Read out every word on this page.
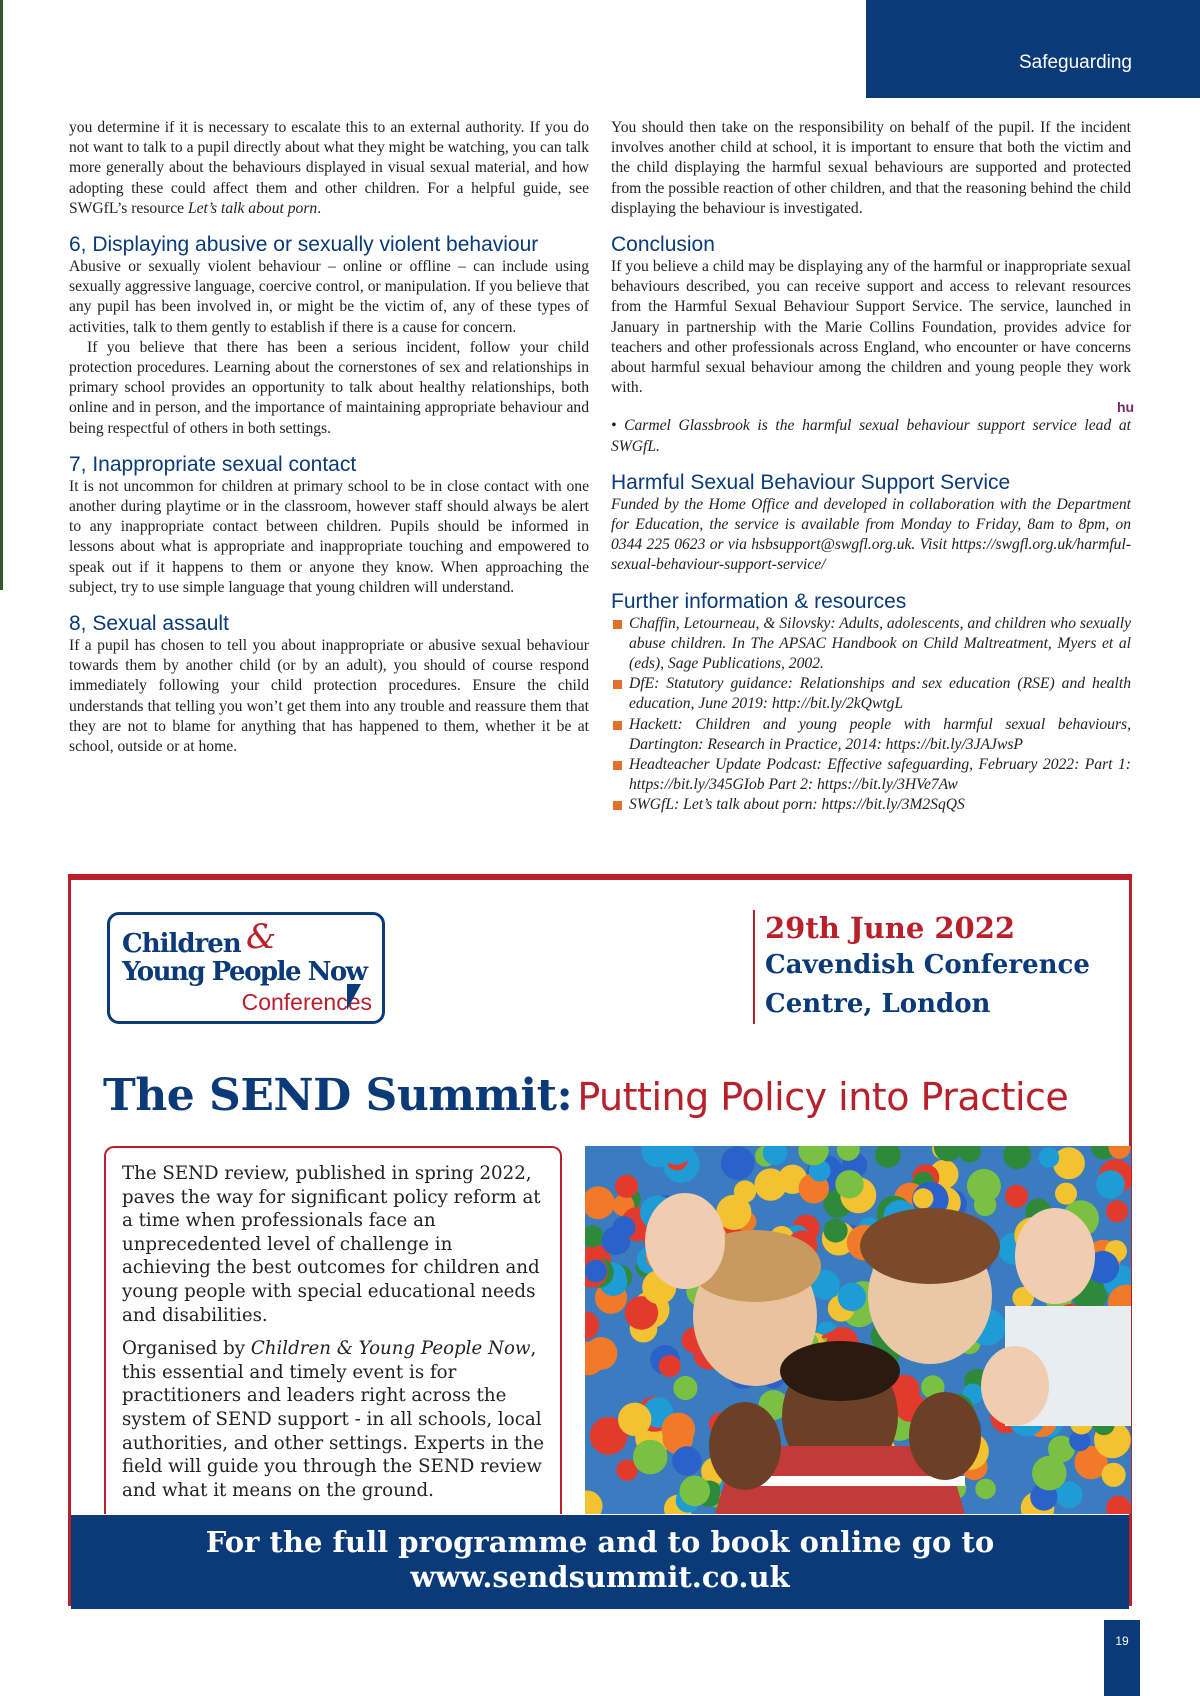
Safeguarding

you determine if it is necessary to escalate this to an external authority. If you do not want to talk to a pupil directly about what they might be watching, you can talk more generally about the behaviours displayed in visual sexual material, and how adopting these could affect them and other children. For a helpful guide, see SWGfL’s resource Let’s talk about porn.

6, Displaying abusive or sexually violent behaviour

Abusive or sexually violent behaviour – online or offline – can include using sexually aggressive language, coercive control, or manipulation. If you believe that any pupil has been involved in, or might be the victim of, any of these types of activities, talk to them gently to establish if there is a cause for concern.

If you believe that there has been a serious incident, follow your child protection procedures. Learning about the cornerstones of sex and relationships in primary school provides an opportunity to talk about healthy relationships, both online and in person, and the importance of maintaining appropriate behaviour and being respectful of others in both settings.

7, Inappropriate sexual contact

It is not uncommon for children at primary school to be in close contact with one another during playtime or in the classroom, however staff should always be alert to any inappropriate contact between children. Pupils should be informed in lessons about what is appropriate and inappropriate touching and empowered to speak out if it happens to them or anyone they know. When approaching the subject, try to use simple language that young children will understand.

8, Sexual assault

If a pupil has chosen to tell you about inappropriate or abusive sexual behaviour towards them by another child (or by an adult), you should of course respond immediately following your child protection procedures. Ensure the child understands that telling you won’t get them into any trouble and reassure them that they are not to blame for anything that has happened to them, whether it be at school, outside or at home.

You should then take on the responsibility on behalf of the pupil. If the incident involves another child at school, it is important to ensure that both the victim and the child displaying the harmful sexual behaviours are supported and protected from the possible reaction of other children, and that the reasoning behind the child displaying the behaviour is investigated.

Conclusion

If you believe a child may be displaying any of the harmful or inappropriate sexual behaviours described, you can receive support and access to relevant resources from the Harmful Sexual Behaviour Support Service. The service, launched in January in partnership with the Marie Collins Foundation, provides advice for teachers and other professionals across England, who encounter or have concerns about harmful sexual behaviour among the children and young people they work with.

• Carmel Glassbrook is the harmful sexual behaviour support service lead at SWGfL.

Harmful Sexual Behaviour Support Service

Funded by the Home Office and developed in collaboration with the Department for Education, the service is available from Monday to Friday, 8am to 8pm, on 0344 225 0623 or via hsbsupport@swgfl.org.uk. Visit https://swgfl.org.uk/harmful-sexual-behaviour-support-service/

Further information & resources
Chaffin, Letourneau, & Silovsky: Adults, adolescents, and children who sexually abuse children. In The APSAC Handbook on Child Maltreatment, Myers et al (eds), Sage Publications, 2002.
DfE: Statutory guidance: Relationships and sex education (RSE) and health education, June 2019: http://bit.ly/2kQwtgL
Hackett: Children and young people with harmful sexual behaviours, Dartington: Research in Practice, 2014: https://bit.ly/3JAJwsP
Headteacher Update Podcast: Effective safeguarding, February 2022: Part 1: https://bit.ly/345GIob Part 2: https://bit.ly/3HVe7Aw
SWGfL: Let’s talk about porn: https://bit.ly/3M2SqQS
hu
Children &
Young People Now
Conferences
29th June 2022
Cavendish Conference Centre, London
The SEND Summit: Putting Policy into Practice

The SEND review, published in spring 2022, paves the way for significant policy reform at a time when professionals face an unprecedented level of challenge in achieving the best outcomes for children and young people with special educational needs and disabilities.

Organised by Children & Young People Now, this essential and timely event is for practitioners and leaders right across the system of SEND support - in all schools, local authorities, and other settings. Experts in the field will guide you through the SEND review and what it means on the ground.

For the full programme and to book online go to
www.sendsummit.co.uk
19
